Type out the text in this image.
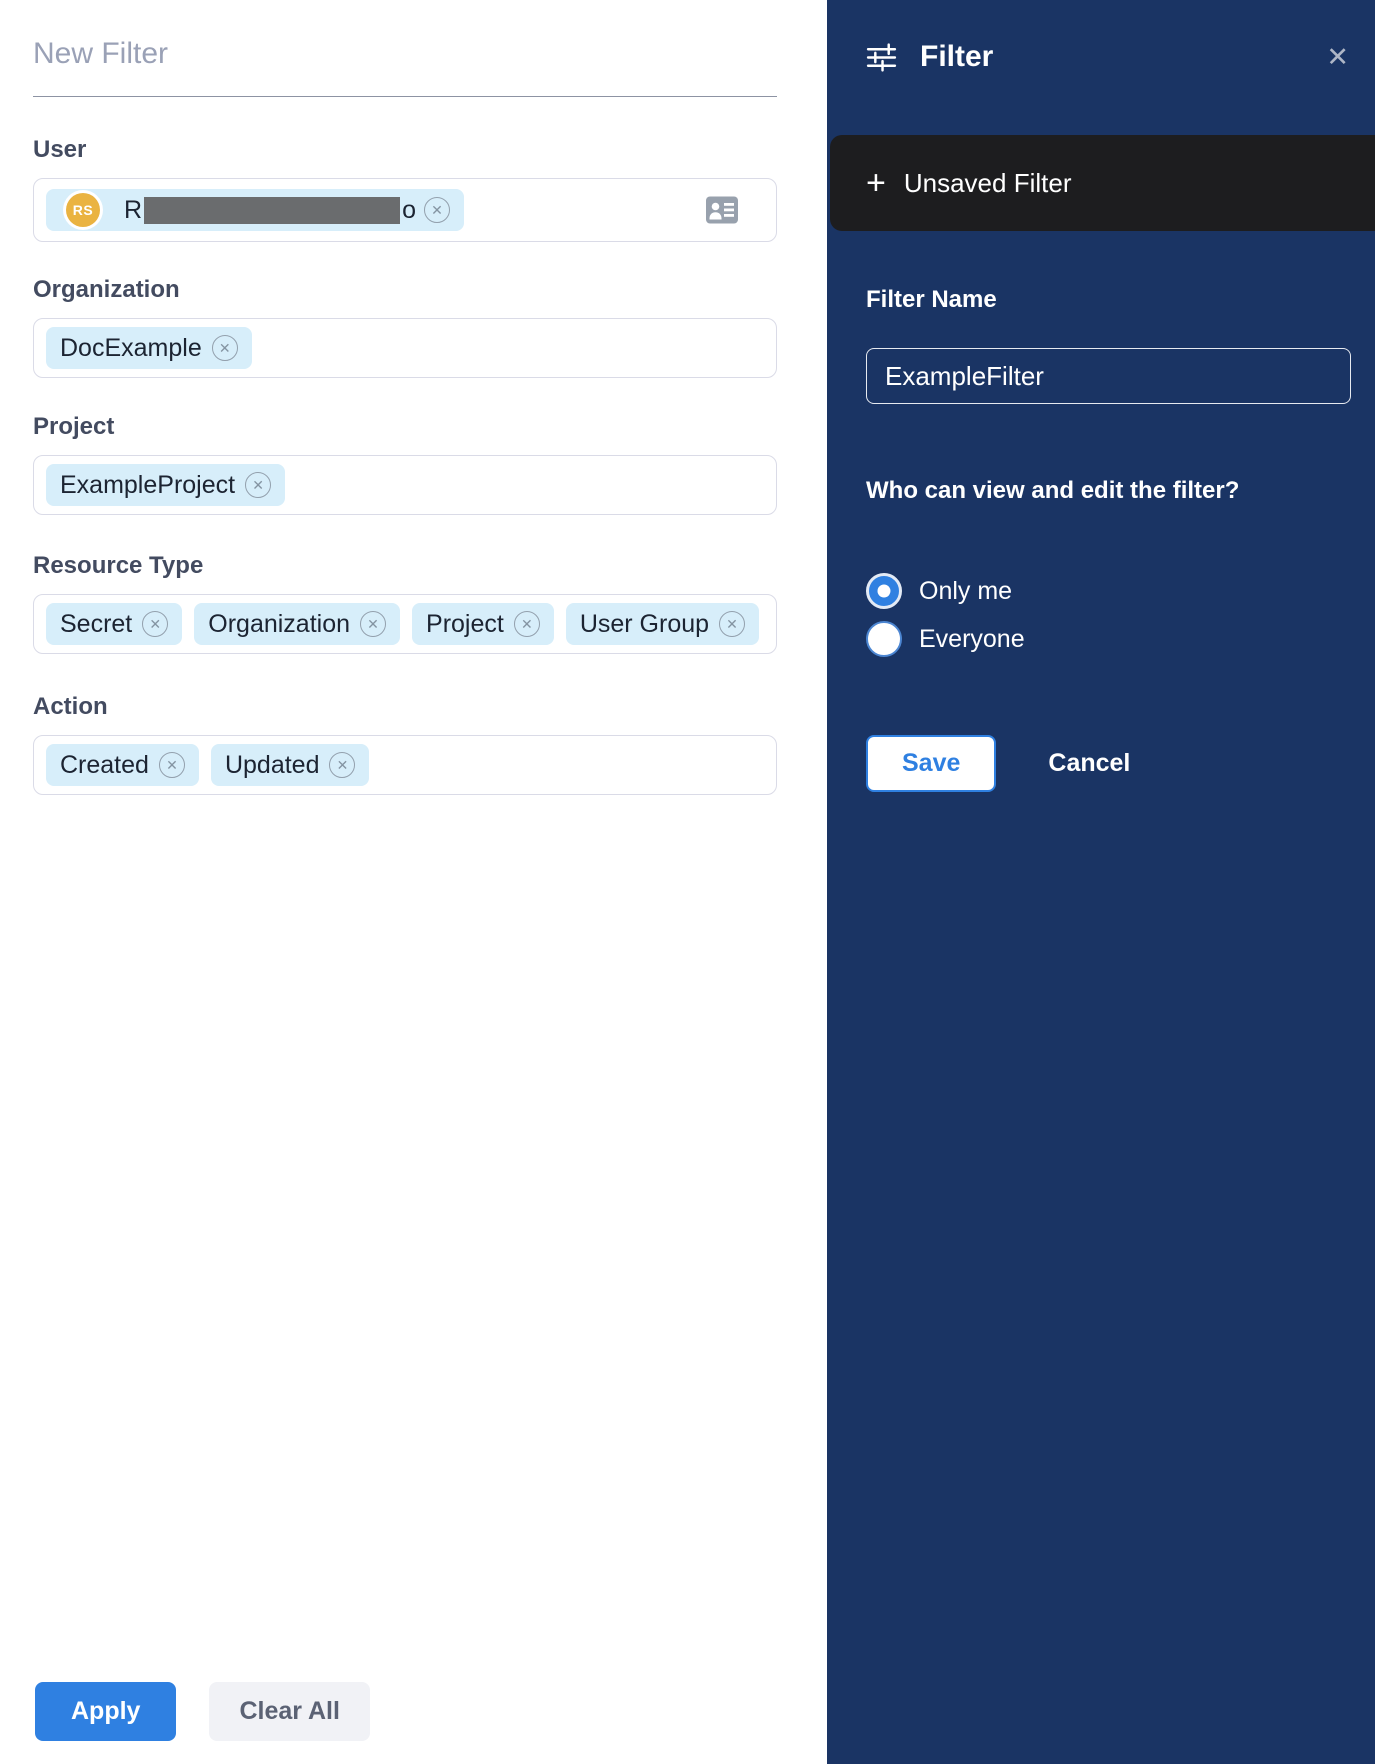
New Filter
User
RS R	o	✕
Organization
DocExample	✕
Project
ExampleProject	✕
Resource Type
Secret	✕ Organization	✕ Project	✕ User Group	✕
Action
Created	✕ Updated	✕
Apply	Clear All
Filter	✕
+ Unsaved Filter
Filter Name
ExampleFilter
Who can view and edit the filter?
Only me
Everyone
Save	Cancel
